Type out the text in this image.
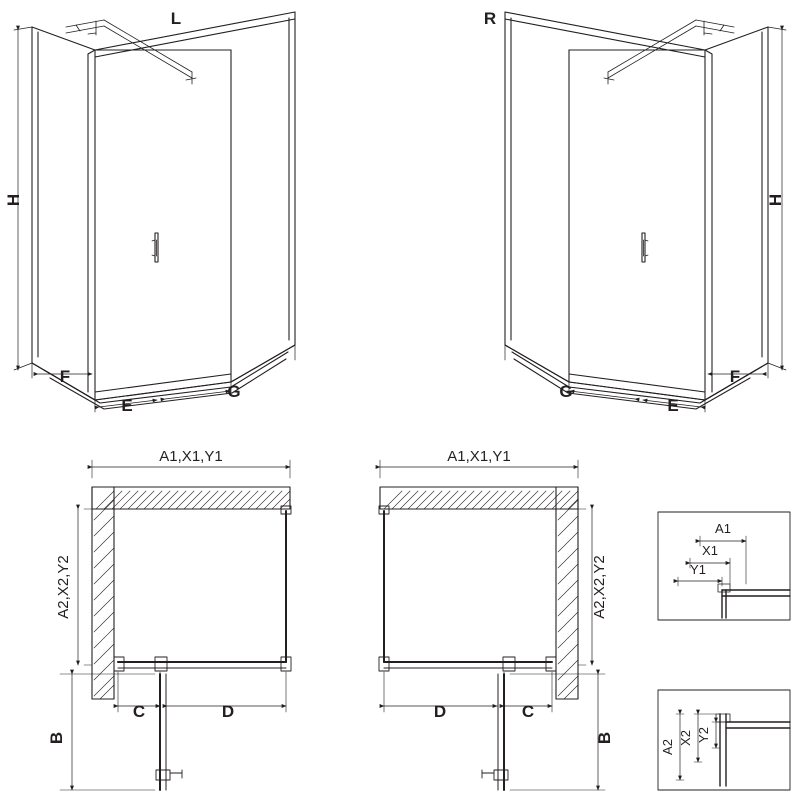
L	R
H	H
F
E
G
F
E
G
A1,X1,Y1	A1,X1,Y1
A2,X2,Y2	A2,X2,Y2
C	D	D	C
B	B
A1
X1
Y1
A2
X2 Y2
